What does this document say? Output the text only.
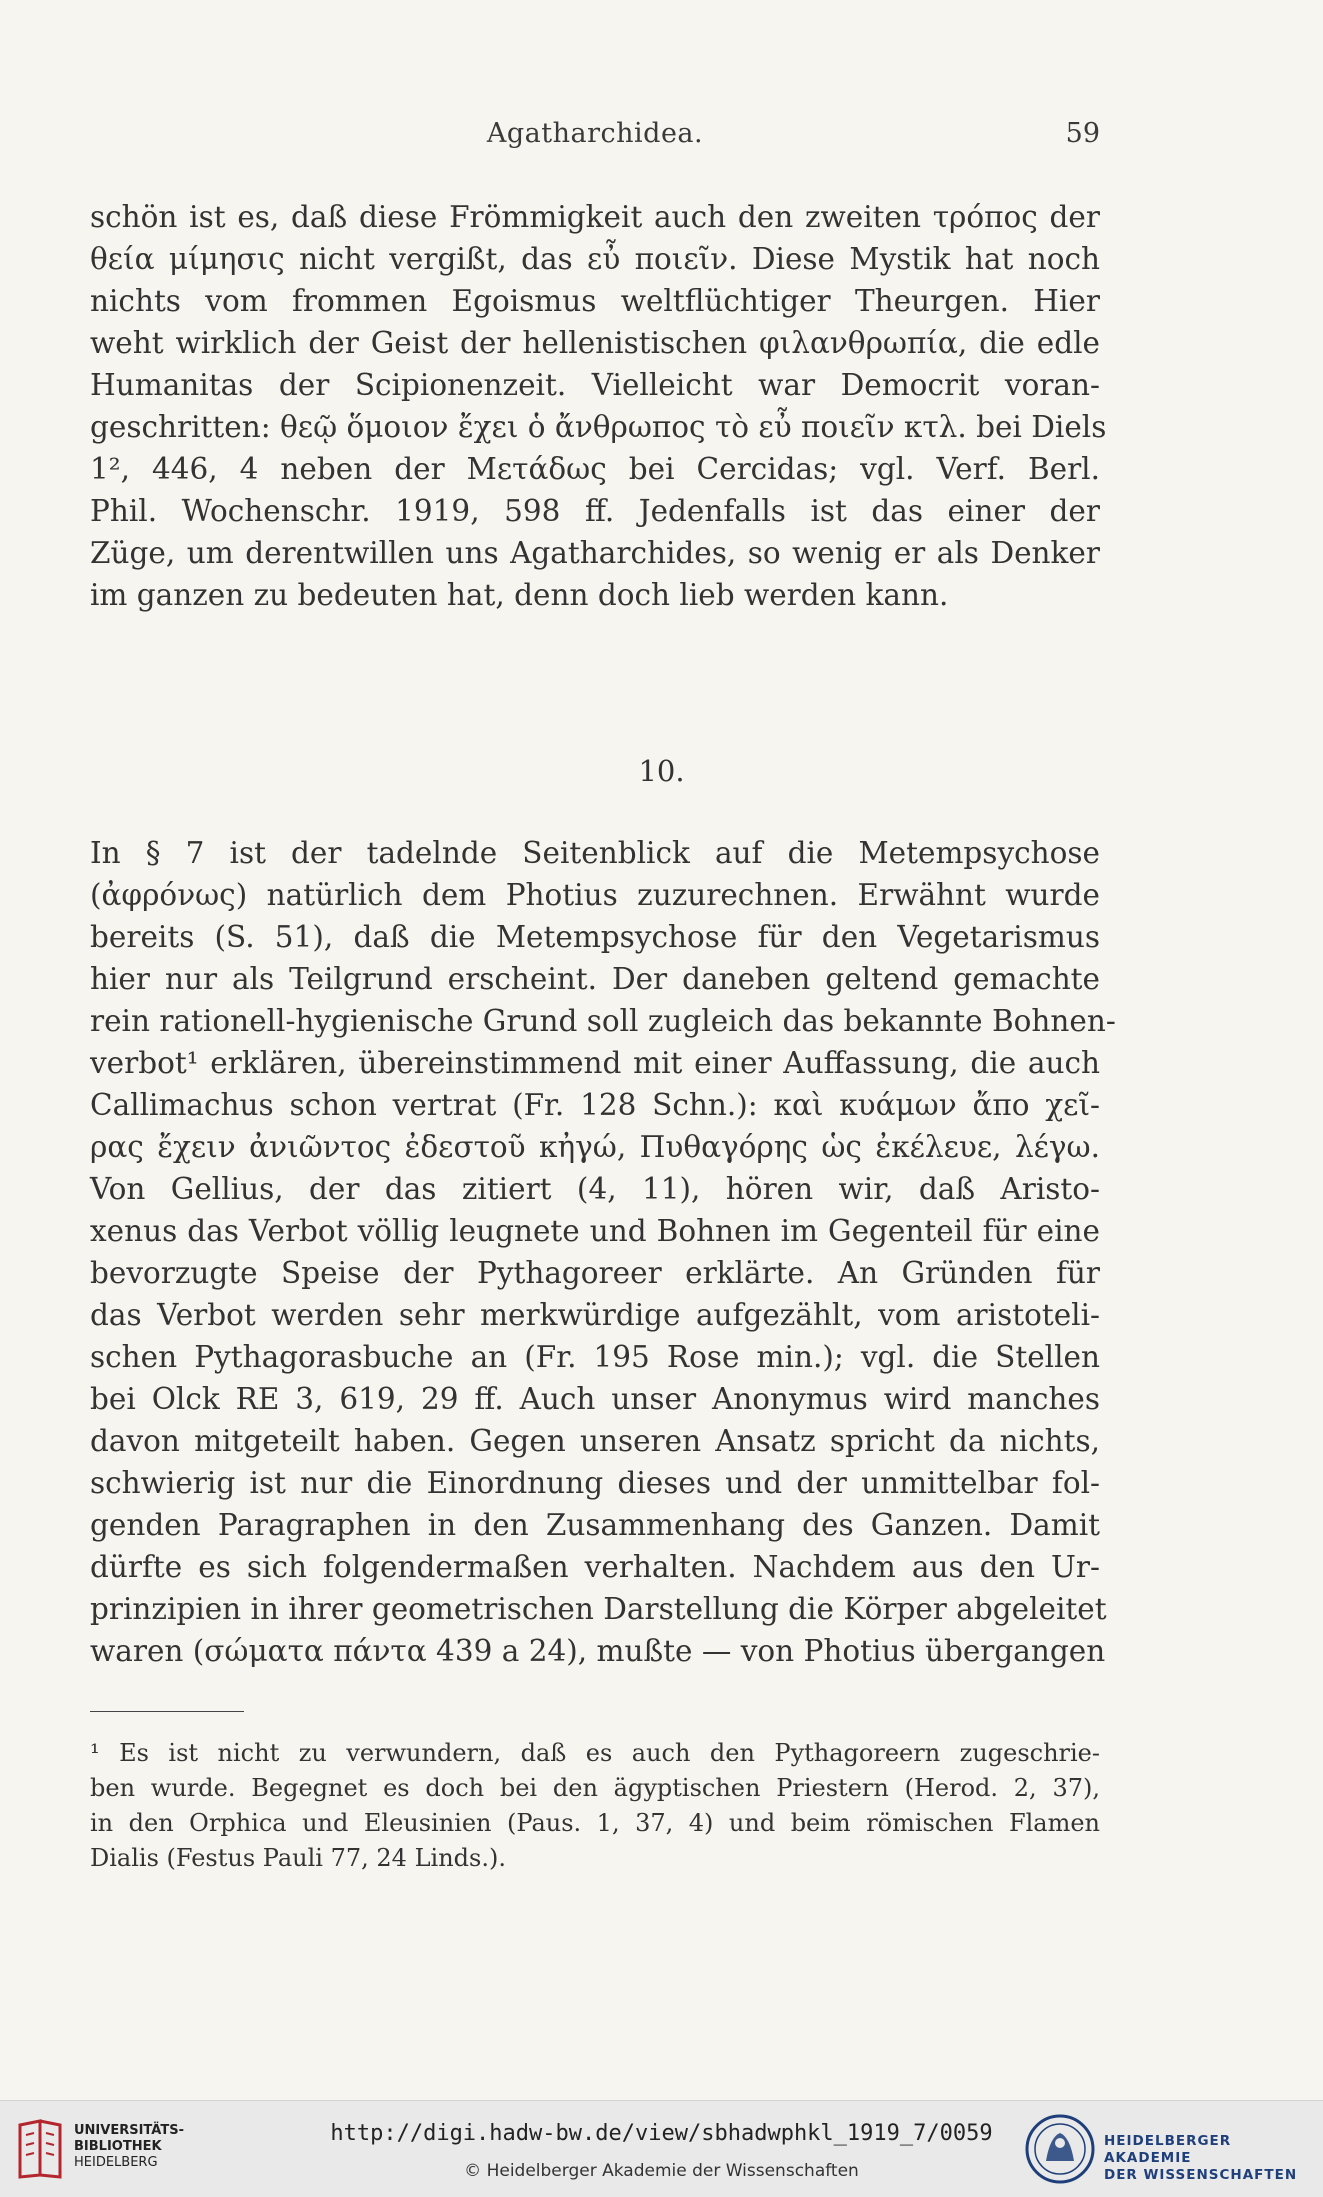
Agatharchidea.	59
schön ist es, daß diese Frömmigkeit auch den zweiten τρόπος der
θεία μίμησις nicht vergißt, das εὖ ποιεῖν. Diese Mystik hat noch
nichts vom frommen Egoismus weltflüchtiger Theurgen. Hier
weht wirklich der Geist der hellenistischen φιλανθρωπία, die edle
Humanitas der Scipionenzeit. Vielleicht war Democrit voran-
geschritten: θεῷ ὅμοιον ἔχει ὁ ἄνθρωπος τὸ εὖ ποιεῖν κτλ. bei Diels
1², 446, 4 neben der Μετάδως bei Cercidas; vgl. Verf. Berl.
Phil. Wochenschr. 1919, 598 ff. Jedenfalls ist das einer der
Züge, um derentwillen uns Agatharchides, so wenig er als Denker
im ganzen zu bedeuten hat, denn doch lieb werden kann.
10.
In § 7 ist der tadelnde Seitenblick auf die Metempsychose
(ἀφρόνως) natürlich dem Photius zuzurechnen. Erwähnt wurde
bereits (S. 51), daß die Metempsychose für den Vegetarismus
hier nur als Teilgrund erscheint. Der daneben geltend gemachte
rein rationell-hygienische Grund soll zugleich das bekannte Bohnen-
verbot¹ erklären, übereinstimmend mit einer Auffassung, die auch
Callimachus schon vertrat (Fr. 128 Schn.): καὶ κυάμων ἄπο χεῖ-
ρας ἔχειν ἀνιῶντος ἐδεστοῦ κἠγώ, Πυθαγόρης ὡς ἐκέλευε, λέγω.
Von Gellius, der das zitiert (4, 11), hören wir, daß Aristo-
xenus das Verbot völlig leugnete und Bohnen im Gegenteil für eine
bevorzugte Speise der Pythagoreer erklärte. An Gründen für
das Verbot werden sehr merkwürdige aufgezählt, vom aristoteli-
schen Pythagorasbuche an (Fr. 195 Rose min.); vgl. die Stellen
bei Olck RE 3, 619, 29 ff. Auch unser Anonymus wird manches
davon mitgeteilt haben. Gegen unseren Ansatz spricht da nichts,
schwierig ist nur die Einordnung dieses und der unmittelbar fol-
genden Paragraphen in den Zusammenhang des Ganzen. Damit
dürfte es sich folgendermaßen verhalten. Nachdem aus den Ur-
prinzipien in ihrer geometrischen Darstellung die Körper abgeleitet
waren (σώματα πάντα 439 a 24), mußte — von Photius übergangen
¹ Es ist nicht zu verwundern, daß es auch den Pythagoreern zugeschrie-
ben wurde. Begegnet es doch bei den ägyptischen Priestern (Herod. 2, 37),
in den Orphica und Eleusinien (Paus. 1, 37, 4) und beim römischen Flamen
Dialis (Festus Pauli 77, 24 Linds.).
UNIVERSITÄTS-
BIBLIOTHEK
HEIDELBERG
http://digi.hadw-bw.de/view/sbhadwphkl_1919_7/0059
© Heidelberger Akademie der Wissenschaften
HEIDELBERGER AKADEMIE
DER WISSENSCHAFTEN
